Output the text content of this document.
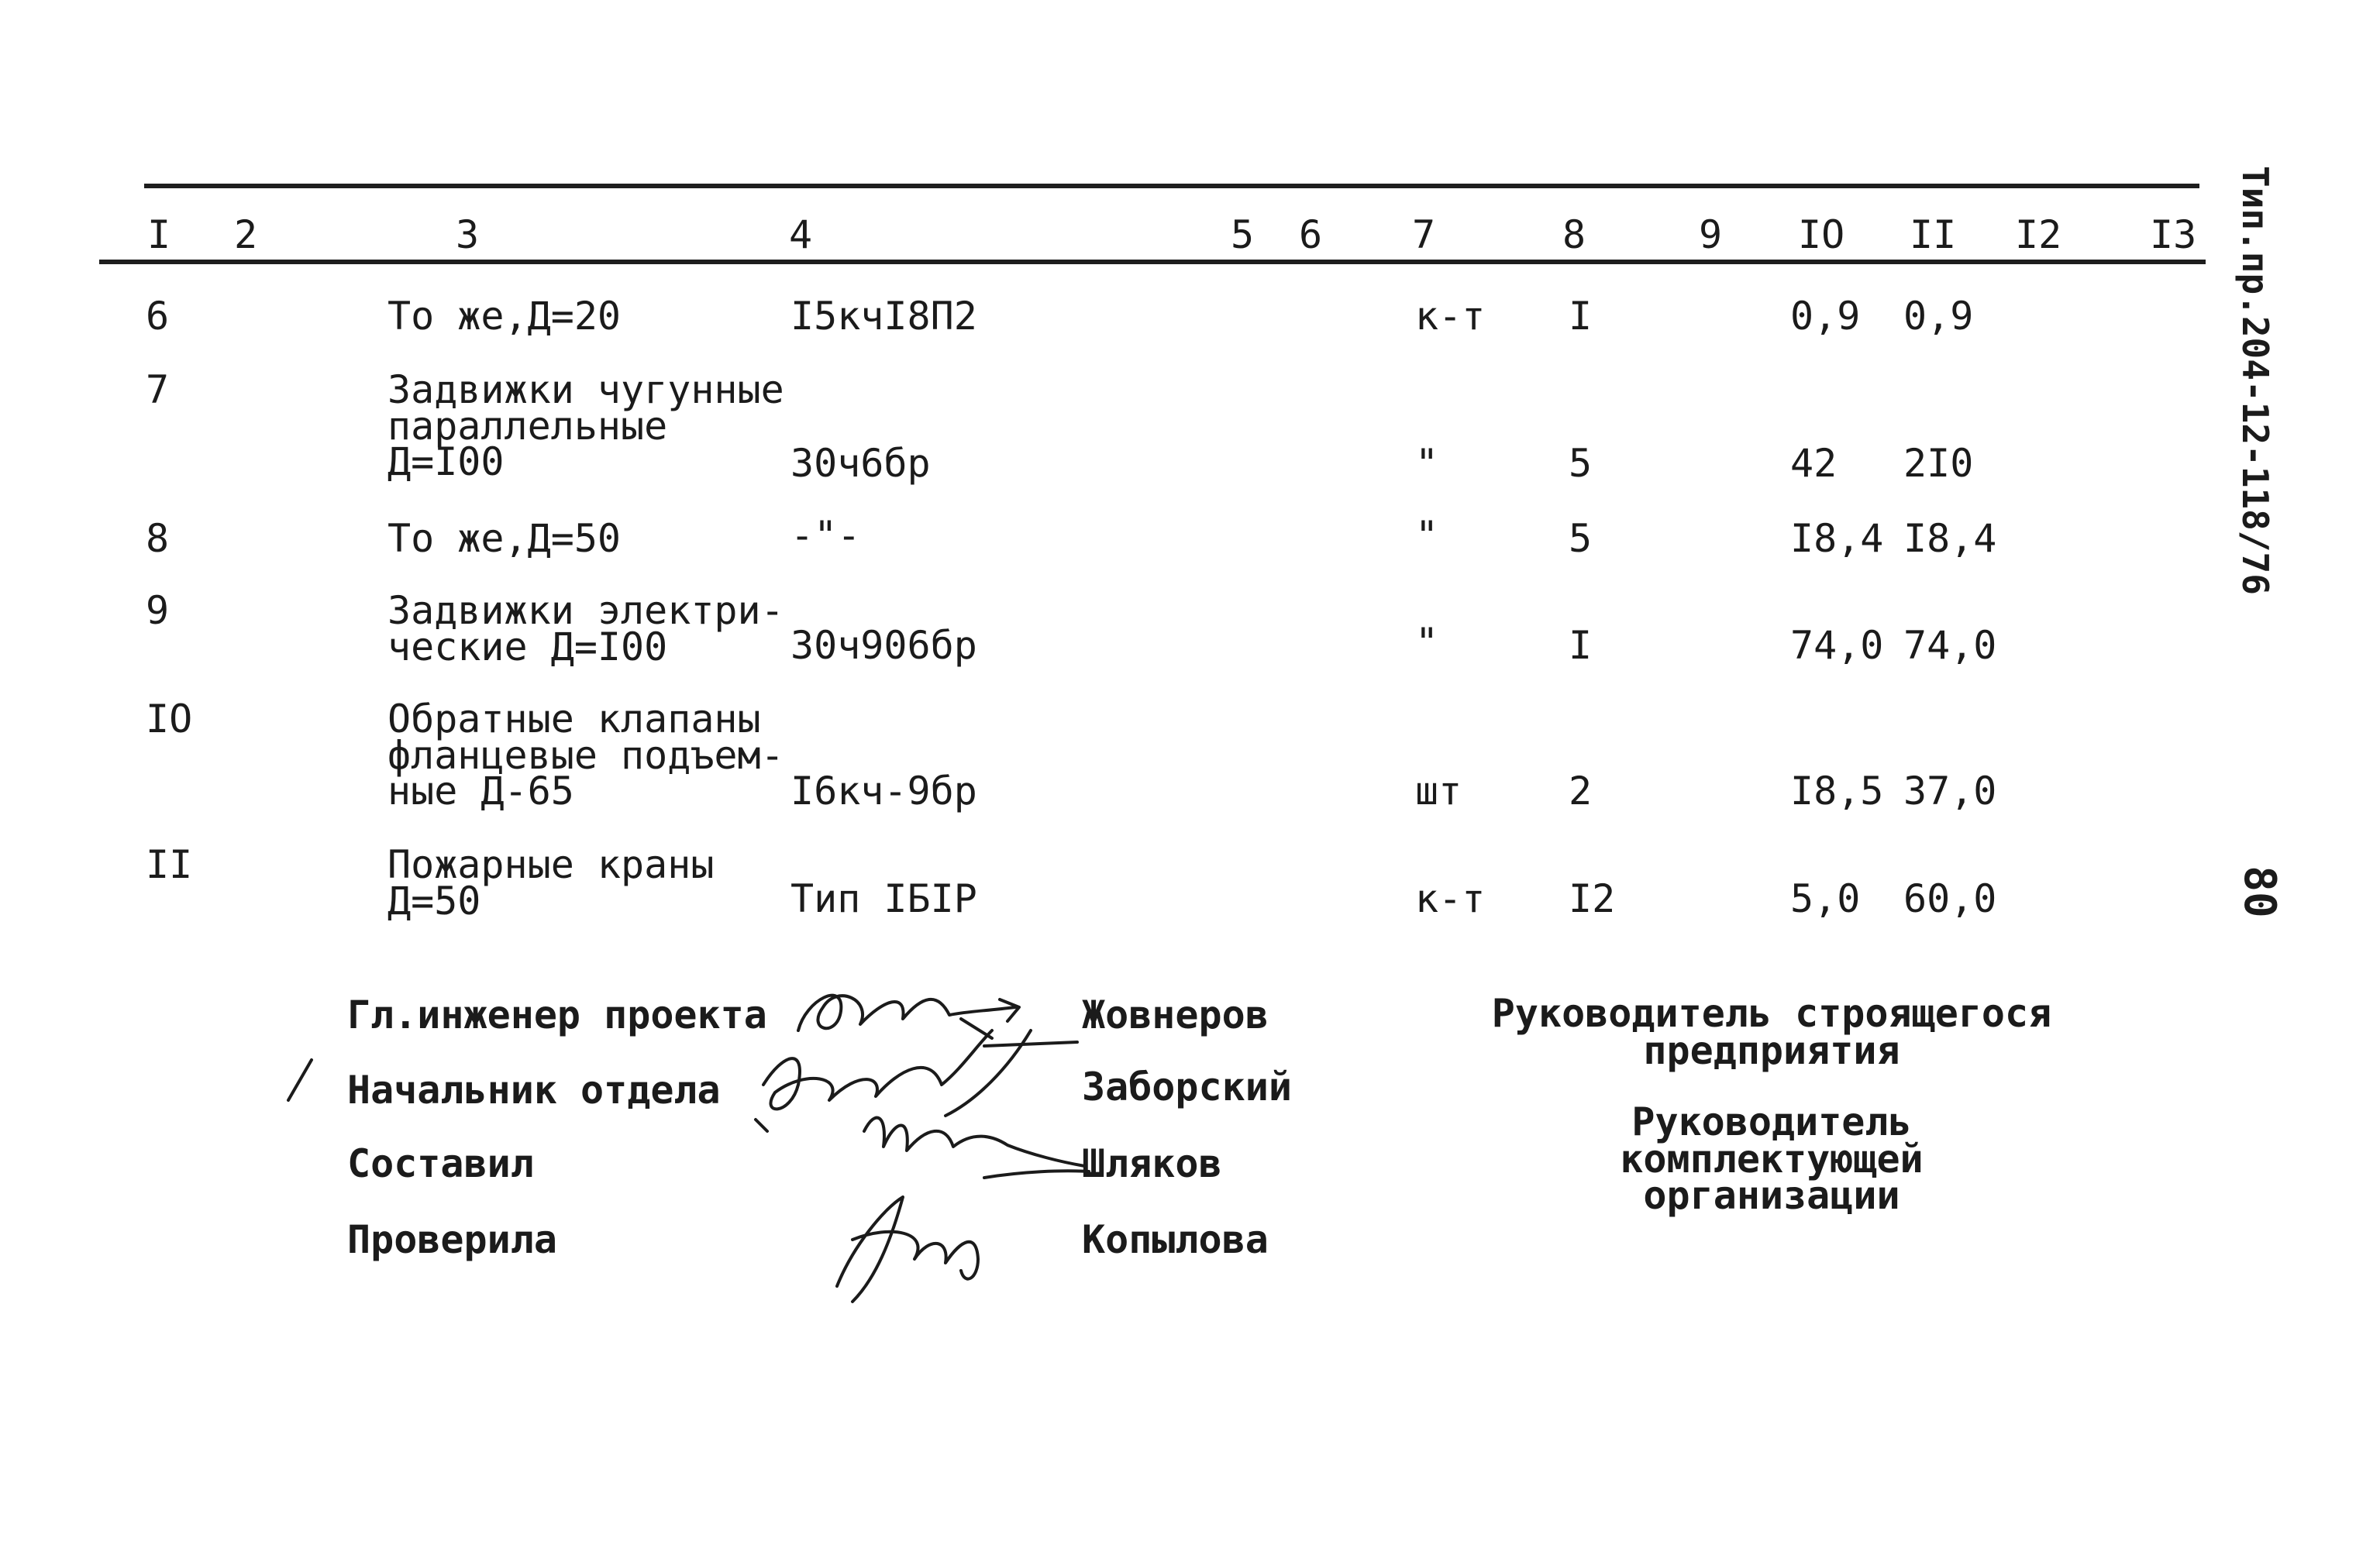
I 2	3	4	5 6 7	8	9 IO II I2 I3
6	То же,Д=20	I5кчI8П2	к-т I	0,9 0,9
7	Задвижки чугунные
параллельные
Д=I00	30ч6бр	"	5	42 2I0
8	То же,Д=50	-"-	"	5	I8,4 I8,4
9	Задвижки электри-
ческие Д=I00	30ч906бр	"	I	74,0 74,0
IO	Обратные клапаны
фланцевые подъем-
ные Д-65	I6кч-9бр	шт	2	I8,5 37,0
II	Пожарные краны
Д=50	Тип IБIР	к-т I2	5,0 60,0
Гл.инженер проекта	Жовнеров
Начальник отдела	Заборский
Составил	Шляков
Проверила	Копылова
Руководитель строящегося
предприятия
Руководитель комплектующей
организации
Тип.пр.204-12-118/76
80
